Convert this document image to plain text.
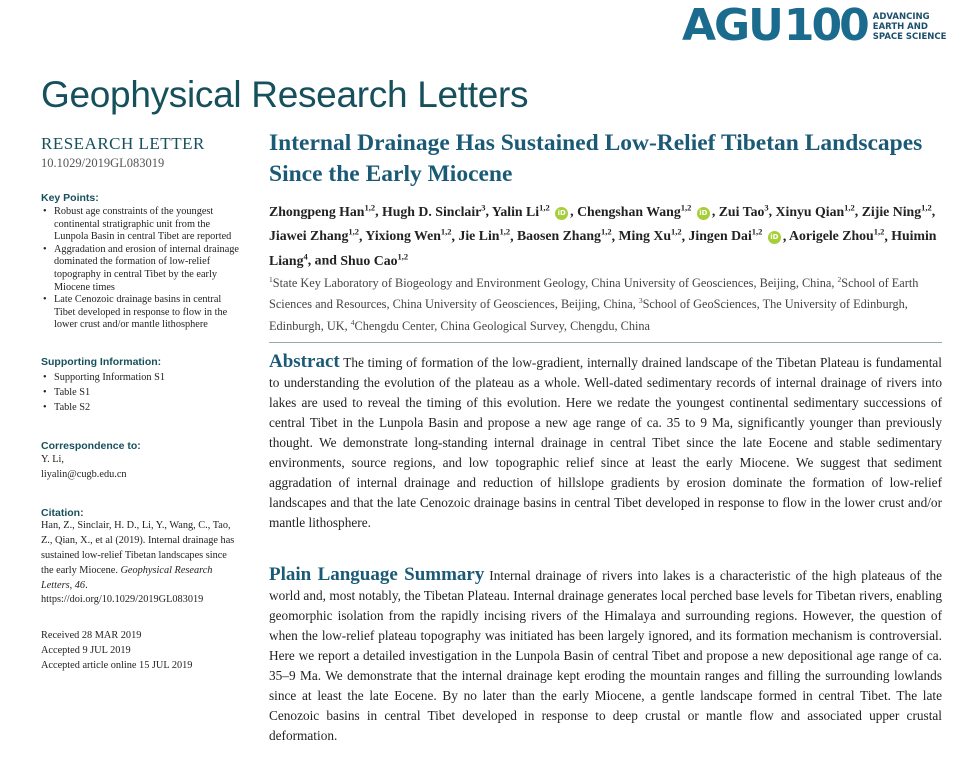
AGU 100 ADVANCING
EARTH AND
SPACE SCIENCE
Geophysical Research Letters
RESEARCH LETTER
10.1029/2019GL083019
Key Points:
• Robust age constraints of the youngest continental stratigraphic unit from the Lunpola Basin in central Tibet are reported
• Aggradation and erosion of internal drainage dominated the formation of low-relief topography in central Tibet by the early Miocene times
• Late Cenozoic drainage basins in central Tibet developed in response to flow in the lower crust and/or mantle lithosphere
Supporting Information:
• Supporting Information S1
• Table S1
• Table S2
Correspondence to:
Y. Li,
liyalin@cugb.edu.cn
Citation:
Han, Z., Sinclair, H. D., Li, Y., Wang, C., Tao, Z., Qian, X., et al (2019). Internal drainage has sustained low-relief Tibetan landscapes since the early Miocene. Geophysical Research Letters, 46. https://doi.org/10.1029/2019GL083019
Received 28 MAR 2019
Accepted 9 JUL 2019
Accepted article online 15 JUL 2019
Internal Drainage Has Sustained Low-Relief Tibetan Landscapes Since the Early Miocene
Zhongpeng Han$^{1,2}$, Hugh D. Sinclair$^3$, Yalin Li$^{1,2}$ iD , Chengshan Wang$^{1,2}$ iD , Zui Tao$^3$, Xinyu Qian$^{1,2}$, Zijie Ning$^{1,2}$, Jiawei Zhang$^{1,2}$, Yixiong Wen$^{1,2}$, Jie Lin$^{1,2}$, Baosen Zhang$^{1,2}$, Ming Xu$^{1,2}$, Jingen Dai$^{1,2}$ iD , Aorigele Zhou$^{1,2}$, Huimin Liang$^4$, and Shuo Cao$^{1,2}$
$^1$State Key Laboratory of Biogeology and Environment Geology, China University of Geosciences, Beijing, China, $^2$School of Earth Sciences and Resources, China University of Geosciences, Beijing, China, $^3$School of GeoSciences, The University of Edinburgh, Edinburgh, UK, $^4$Chengdu Center, China Geological Survey, Chengdu, China
Abstract The timing of formation of the low-gradient, internally drained landscape of the Tibetan Plateau is fundamental to understanding the evolution of the plateau as a whole. Well-dated sedimentary records of internal drainage of rivers into lakes are used to reveal the timing of this evolution. Here we redate the youngest continental sedimentary successions of central Tibet in the Lunpola Basin and propose a new age range of ca. 35 to 9 Ma, significantly younger than previously thought. We demonstrate long-standing internal drainage in central Tibet since the late Eocene and stable sedimentary environments, source regions, and low topographic relief since at least the early Miocene. We suggest that sediment aggradation of internal drainage and reduction of hillslope gradients by erosion dominate the formation of low-relief landscapes and that the late Cenozoic drainage basins in central Tibet developed in response to flow in the lower crust and/or mantle lithosphere.
Plain Language Summary Internal drainage of rivers into lakes is a characteristic of the high plateaus of the world and, most notably, the Tibetan Plateau. Internal drainage generates local perched base levels for Tibetan rivers, enabling geomorphic isolation from the rapidly incising rivers of the Himalaya and surrounding regions. However, the question of when the low-relief plateau topography was initiated has been largely ignored, and its formation mechanism is controversial. Here we report a detailed investigation in the Lunpola Basin of central Tibet and propose a new depositional age range of ca. 35–9 Ma. We demonstrate that the internal drainage kept eroding the mountain ranges and filling the surrounding lowlands since at least the late Eocene. By no later than the early Miocene, a gentle landscape formed in central Tibet. The late Cenozoic basins in central Tibet developed in response to deep crustal or mantle flow and associated upper crustal deformation.
